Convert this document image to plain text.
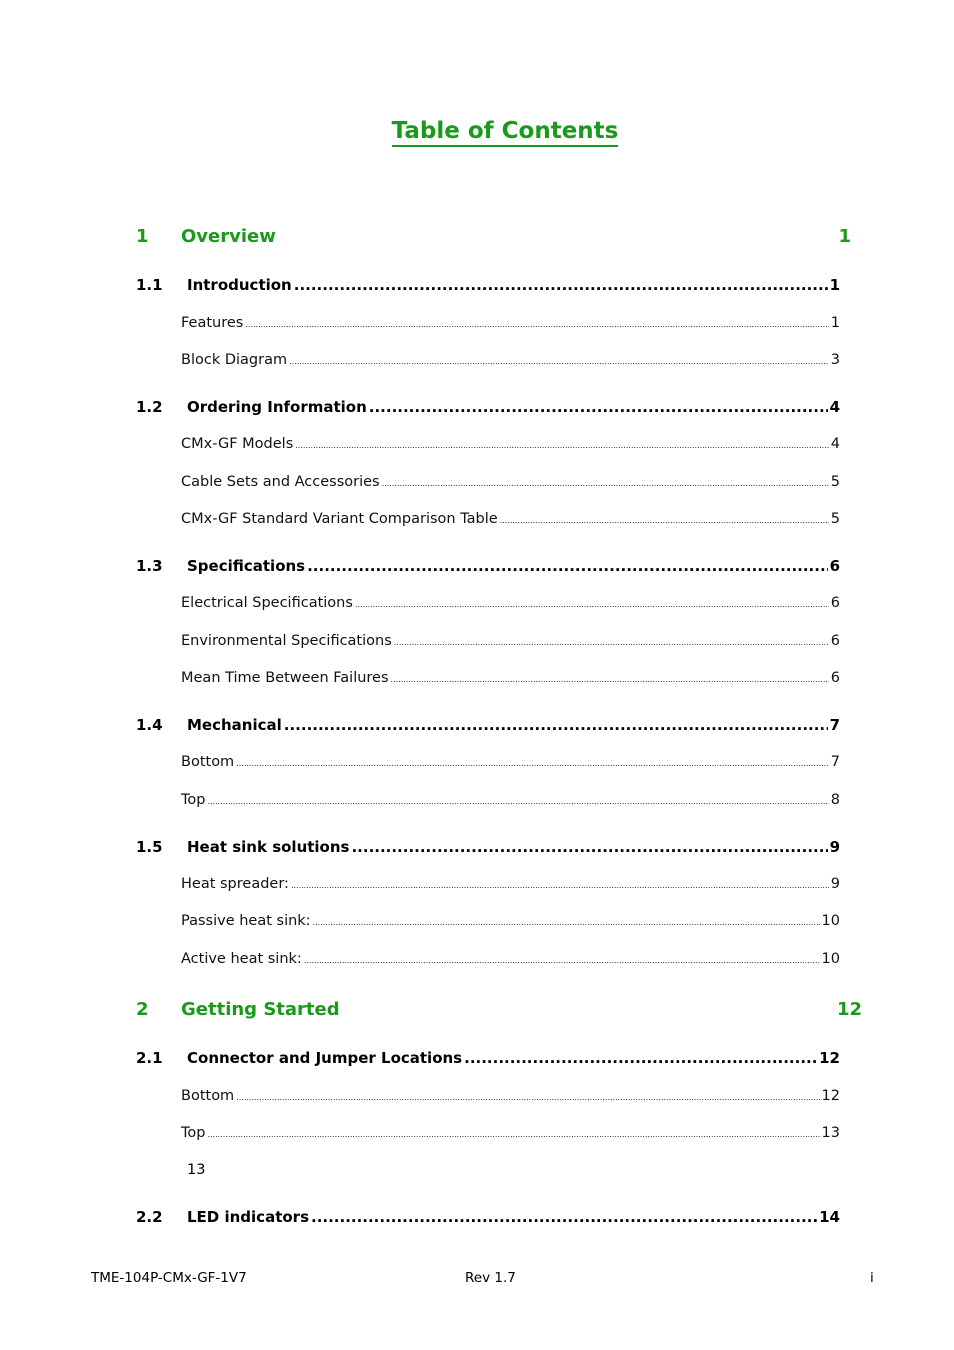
Table of Contents
1 Overview	1
1.1	Introduction .....	1
Features .....	1
Block Diagram .....	3
1.2	Ordering Information .....	4
CMx-GF Models .....	4
Cable Sets and Accessories .....	5
CMx-GF Standard Variant Comparison Table .....	5
1.3	Specifications .....	6
Electrical Specifications .....	6
Environmental Specifications .....	6
Mean Time Between Failures .....	6
1.4	Mechanical .....	7
Bottom .....	7
Top .....	8
1.5	Heat sink solutions .....	9
Heat spreader: .....	9
Passive heat sink: .....	10
Active heat sink: .....	10
2 Getting Started	12
2.1	Connector and Jumper Locations .....	12
Bottom .....	12
Top .....	13
13
2.2	LED indicators .....	14
TME-104P-CMx-GF-1V7	Rev 1.7	i
